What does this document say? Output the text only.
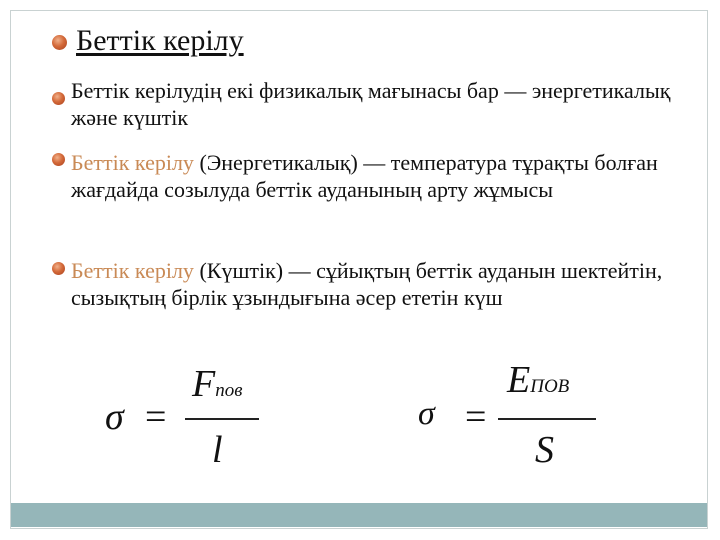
Беттік керілу
Беттік керілудің екі физикалық мағынасы бар — энергетикалық және күштік
Беттік керілу (Энергетикалық) — температура тұрақты болған жағдайда созылуда беттік ауданының арту жұмысы
Беттік керілу (Күштік) — сұйықтың беттік ауданын шектейтін, сызықтың бірлік ұзындығына әсер ететін күш
σ =
Fпов
l
σ =
EПОВ
S
